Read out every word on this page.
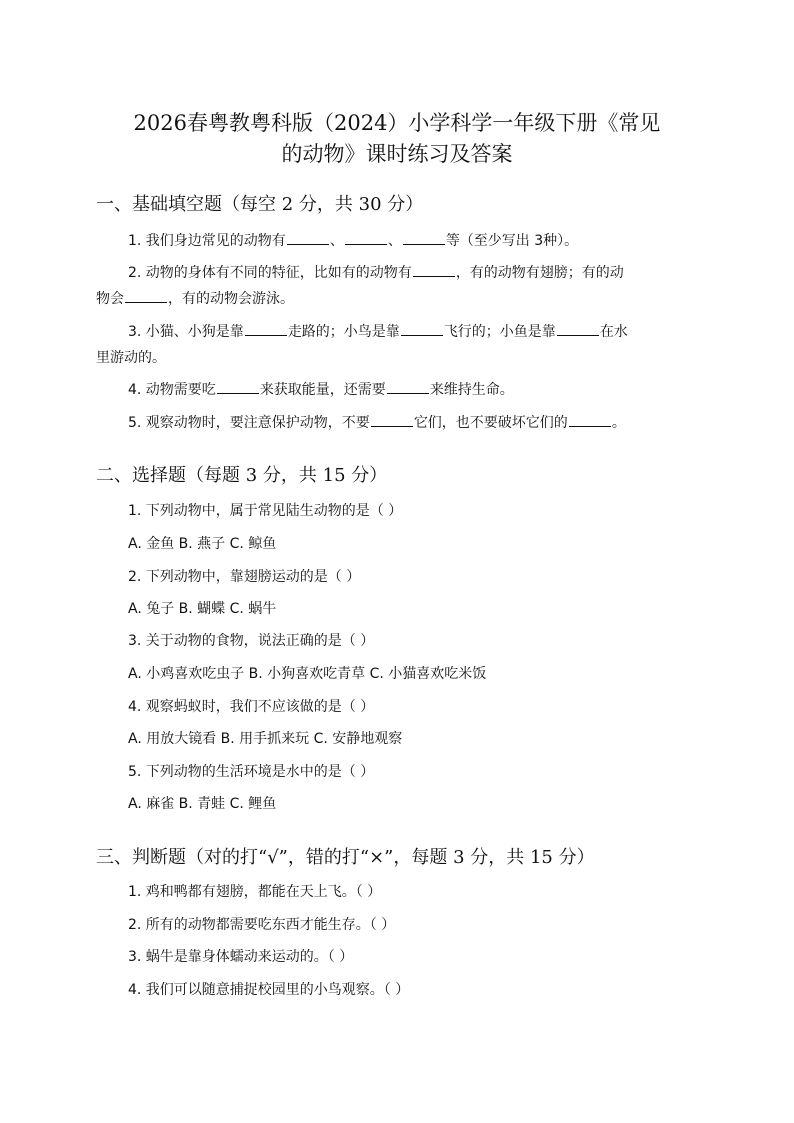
2026春粤教粤科版（2024）小学科学一年级下册《常见
的动物》课时练习及答案
一、基础填空题（每空 2 分，共 30 分）
1. 我们身边常见的动物有	、	、	等（至少写出 3种）。
2. 动物的身体有不同的特征，比如有的动物有	，有的动物有翅膀；有的动
物会	，有的动物会游泳。
3. 小猫、小狗是靠	走路的；小鸟是靠	飞行的；小鱼是靠	在水
里游动的。
4. 动物需要吃	来获取能量，还需要	来维持生命。
5. 观察动物时，要注意保护动物，不要	它们，也不要破坏它们的	。
二、选择题（每题 3 分，共 15 分）
1. 下列动物中，属于常见陆生动物的是（ ）
A. 金鱼 B. 燕子 C. 鲸鱼
2. 下列动物中，靠翅膀运动的是（ ）
A. 兔子 B. 蝴蝶 C. 蜗牛
3. 关于动物的食物，说法正确的是（ ）
A. 小鸡喜欢吃虫子 B. 小狗喜欢吃青草 C. 小猫喜欢吃米饭
4. 观察蚂蚁时，我们不应该做的是（ ）
A. 用放大镜看 B. 用手抓来玩 C. 安静地观察
5. 下列动物的生活环境是水中的是（ ）
A. 麻雀 B. 青蛙 C. 鲤鱼
三、判断题（对的打“√”，错的打“×”，每题 3 分，共 15 分）
1. 鸡和鸭都有翅膀，都能在天上飞。（ ）
2. 所有的动物都需要吃东西才能生存。（ ）
3. 蜗牛是靠身体蠕动来运动的。（ ）
4. 我们可以随意捕捉校园里的小鸟观察。（ ）
